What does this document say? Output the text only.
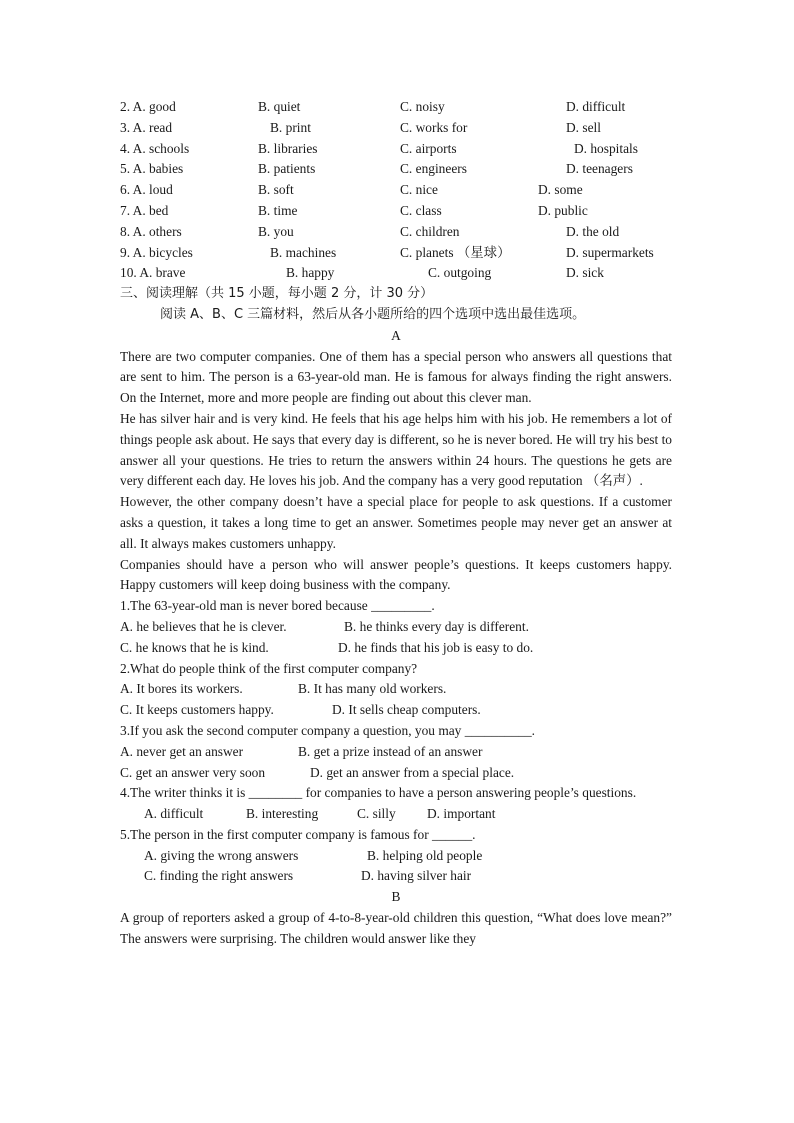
2. A. good	B. quiet	C. noisy	D. difficult
3. A. read	B. print	C. works for	D. sell
4. A. schools	B. libraries	C. airports	D. hospitals
5. A. babies	B. patients	C. engineers	D. teenagers
6. A. loud	B. soft	C. nice	D. some
7. A. bed	B. time	C. class	D. public
8. A. others	B. you	C. children	D. the old
9. A. bicycles	B. machines	C. planets （星球）	D. supermarkets
10. A. brave	B. happy	C. outgoing	D. sick
三、阅读理解（共 15 小题，每小题 2 分，计 30 分）
阅读 A、B、C 三篇材料，然后从各小题所给的四个选项中选出最佳选项。
A

There are two computer companies. One of them has a special person who answers all questions that are sent to him. The person is a 63-year-old man. He is famous for always finding the right answers. On the Internet, more and more people are finding out about this clever man.

He has silver hair and is very kind. He feels that his age helps him with his job. He remembers a lot of things people ask about. He says that every day is different, so he is never bored. He will try his best to answer all your questions. He tries to return the answers within 24 hours. The questions he gets are very different each day. He loves his job. And the company has a very good reputation （名声）.

However, the other company doesn’t have a special place for people to ask questions. If a customer asks a question, it takes a long time to get an answer. Sometimes people may never get an answer at all. It always makes customers unhappy.

Companies should have a person who will answer people’s questions. It keeps customers happy. Happy customers will keep doing business with the company.

1.The 63-year-old man is never bored because _________.
A. he believes that he is clever.	B. he thinks every day is different.
C. he knows that he is kind.	D. he finds that his job is easy to do.
2.What do people think of the first computer company?
A. It bores its workers.	B. It has many old workers.
C. It keeps customers happy.	D. It sells cheap computers.
3.If you ask the second computer company a question, you may __________.
A. never get an answer	B. get a prize instead of an answer
C. get an answer very soon	D. get an answer from a special place.

4.The writer thinks it is ________ for companies to have a person answering people’s questions.

A. difficult	B. interesting	C. silly D. important
5.The person in the first computer company is famous for ______.
A. giving the wrong answers	B. helping old people
C. finding the right answers	D. having silver hair
B

A group of reporters asked a group of 4-to-8-year-old children this question, “What does love mean?” The answers were surprising. The children would answer like they
